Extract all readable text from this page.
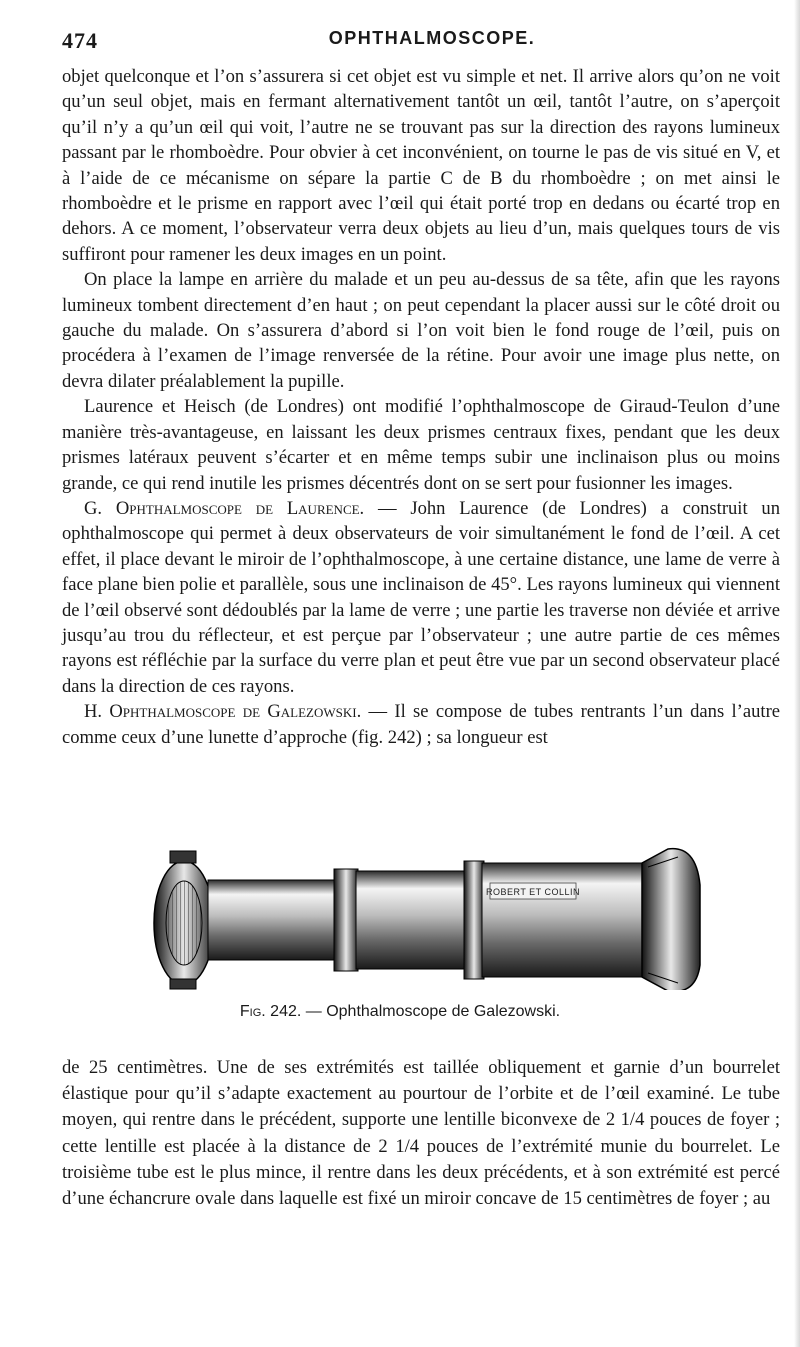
474	OPHTHALMOSCOPE.

objet quelconque et l’on s’assurera si cet objet est vu simple et net. Il arrive alors qu’on ne voit qu’un seul objet, mais en fermant alternativement tantôt un œil, tantôt l’autre, on s’aperçoit qu’il n’y a qu’un œil qui voit, l’autre ne se trouvant pas sur la direction des rayons lumineux passant par le rhomboèdre. Pour obvier à cet inconvénient, on tourne le pas de vis situé en V, et à l’aide de ce mécanisme on sépare la partie C de B du rhomboèdre ; on met ainsi le rhomboèdre et le prisme en rapport avec l’œil qui était porté trop en dedans ou écarté trop en dehors. A ce moment, l’observateur verra deux objets au lieu d’un, mais quelques tours de vis suffiront pour ramener les deux images en un point.

On place la lampe en arrière du malade et un peu au-dessus de sa tête, afin que les rayons lumineux tombent directement d’en haut ; on peut cependant la placer aussi sur le côté droit ou gauche du malade. On s’assurera d’abord si l’on voit bien le fond rouge de l’œil, puis on procédera à l’examen de l’image renversée de la rétine. Pour avoir une image plus nette, on devra dilater préalablement la pupille.

Laurence et Heisch (de Londres) ont modifié l’ophthalmoscope de Giraud-Teulon d’une manière très-avantageuse, en laissant les deux prismes centraux fixes, pendant que les deux prismes latéraux peuvent s’écarter et en même temps subir une inclinaison plus ou moins grande, ce qui rend inutile les prismes décentrés dont on se sert pour fusionner les images.

G. Ophthalmoscope de Laurence. — John Laurence (de Londres) a construit un ophthalmoscope qui permet à deux observateurs de voir simultanément le fond de l’œil. A cet effet, il place devant le miroir de l’ophthalmoscope, à une certaine distance, une lame de verre à face plane bien polie et parallèle, sous une inclinaison de 45°. Les rayons lumineux qui viennent de l’œil observé sont dédoublés par la lame de verre ; une partie les traverse non déviée et arrive jusqu’au trou du réflecteur, et est perçue par l’observateur ; une autre partie de ces mêmes rayons est réfléchie par la surface du verre plan et peut être vue par un second observateur placé dans la direction de ces rayons.

H. Ophthalmoscope de Galezowski. — Il se compose de tubes rentrants l’un dans l’autre comme ceux d’une lunette d’approche (fig. 242) ; sa longueur est

ROBERT ET COLLIN
Fig. 242. — Ophthalmoscope de Galezowski.

de 25 centimètres. Une de ses extrémités est taillée obliquement et garnie d’un bourrelet élastique pour qu’il s’adapte exactement au pourtour de l’orbite et de l’œil examiné. Le tube moyen, qui rentre dans le précédent, supporte une lentille biconvexe de 2 1/4 pouces de foyer ; cette lentille est placée à la distance de 2 1/4 pouces de l’extrémité munie du bourrelet. Le troisième tube est le plus mince, il rentre dans les deux précédents, et à son extrémité est percé d’une échancrure ovale dans laquelle est fixé un miroir concave de 15 centimètres de foyer ; au
